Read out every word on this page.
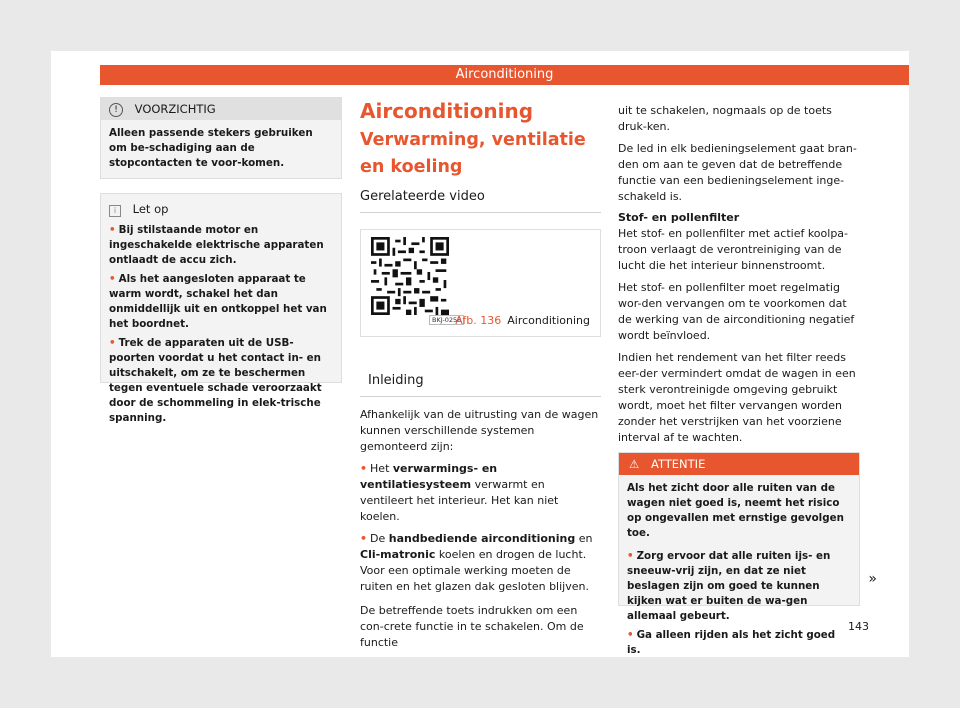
Airconditioning
! VOORZICHTIG
Alleen passende stekers gebruiken om be-schadiging aan de stopcontacten te voor-komen.
i Let op
• Bij stilstaande motor en ingeschakelde elektrische apparaten ontlaadt de accu zich.
• Als het aangesloten apparaat te warm wordt, schakel het dan onmiddellijk uit en ontkoppel het van het boordnet.
• Trek de apparaten uit de USB-poorten voordat u het contact in- en uitschakelt, om ze te beschermen tegen eventuele schade veroorzaakt door de schommeling in elek-trische spanning.
Airconditioning
Verwarming, ventilatie en koeling
Gerelateerde video
BKJ-0258
Afb. 136 Airconditioning
Inleiding

Afhankelijk van de uitrusting van de wagen kunnen verschillende systemen gemonteerd zijn:

• Het verwarmings- en ventilatiesysteem verwarmt en ventileert het interieur. Het kan niet koelen.

• De handbediende airconditioning en Cli-matronic koelen en drogen de lucht. Voor een optimale werking moeten de ruiten en het glazen dak gesloten blijven.

De betreffende toets indrukken om een con-crete functie in te schakelen. Om de functie

uit te schakelen, nogmaals op de toets druk-ken.

De led in elk bedieningselement gaat bran-den om aan te geven dat de betreffende functie van een bedieningselement inge-schakeld is.

Stof- en pollenfilter

Het stof- en pollenfilter met actief koolpa-troon verlaagt de verontreiniging van de lucht die het interieur binnenstroomt.

Het stof- en pollenfilter moet regelmatig wor-den vervangen om te voorkomen dat de werking van de airconditioning negatief wordt beïnvloed.

Indien het rendement van het filter reeds eer-der vermindert omdat de wagen in een sterk verontreinigde omgeving gebruikt wordt, moet het filter vervangen worden zonder het verstrijken van het voorziene interval af te wachten.

⚠ ATTENTIE
Als het zicht door alle ruiten van de wagen niet goed is, neemt het risico op ongevallen met ernstige gevolgen toe.
• Zorg ervoor dat alle ruiten ijs- en sneeuw-vrij zijn, en dat ze niet beslagen zijn om goed te kunnen kijken wat er buiten de wa-gen allemaal gebeurt.
• Ga alleen rijden als het zicht goed is.
»
143
